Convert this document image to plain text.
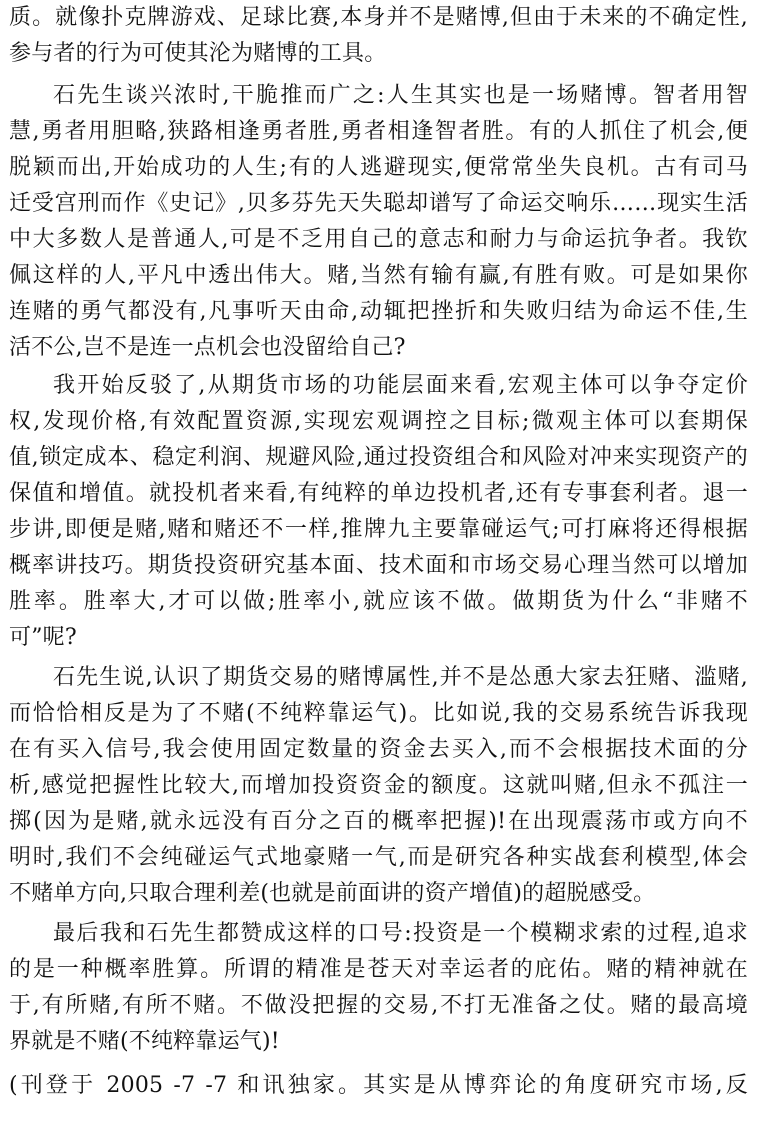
质。就像扑克牌游戏、足球比赛,本身并不是赌博,但由于未来的不确定性,
参与者的行为可使其沦为赌博的工具。
石先生谈兴浓时,干脆推而广之:人生其实也是一场赌博。智者用智
慧,勇者用胆略,狭路相逢勇者胜,勇者相逢智者胜。有的人抓住了机会,便
脱颖而出,开始成功的人生;有的人逃避现实,便常常坐失良机。古有司马
迁受宫刑而作《史记》,贝多芬先天失聪却谱写了命运交响乐……现实生活
中大多数人是普通人,可是不乏用自己的意志和耐力与命运抗争者。我钦
佩这样的人,平凡中透出伟大。赌,当然有输有赢,有胜有败。可是如果你
连赌的勇气都没有,凡事听天由命,动辄把挫折和失败归结为命运不佳,生
活不公,岂不是连一点机会也没留给自己?
我开始反驳了,从期货市场的功能层面来看,宏观主体可以争夺定价
权,发现价格,有效配置资源,实现宏观调控之目标;微观主体可以套期保
值,锁定成本、稳定利润、规避风险,通过投资组合和风险对冲来实现资产的
保值和增值。就投机者来看,有纯粹的单边投机者,还有专事套利者。退一
步讲,即便是赌,赌和赌还不一样,推牌九主要靠碰运气;可打麻将还得根据
概率讲技巧。期货投资研究基本面、技术面和市场交易心理当然可以增加
胜率。胜率大,才可以做;胜率小,就应该不做。做期货为什么“非赌不
可”呢?
石先生说,认识了期货交易的赌博属性,并不是怂恿大家去狂赌、滥赌,
而恰恰相反是为了不赌(不纯粹靠运气)。比如说,我的交易系统告诉我现
在有买入信号,我会使用固定数量的资金去买入,而不会根据技术面的分
析,感觉把握性比较大,而增加投资资金的额度。这就叫赌,但永不孤注一
掷(因为是赌,就永远没有百分之百的概率把握)!在出现震荡市或方向不
明时,我们不会纯碰运气式地豪赌一气,而是研究各种实战套利模型,体会
不赌单方向,只取合理利差(也就是前面讲的资产增值)的超脱感受。
最后我和石先生都赞成这样的口号:投资是一个模糊求索的过程,追求
的是一种概率胜算。所谓的精准是苍天对幸运者的庇佑。赌的精神就在
于,有所赌,有所不赌。不做没把握的交易,不打无准备之仗。赌的最高境
界就是不赌(不纯粹靠运气)!
(刊登于 2005 -7 -7 和讯独家。其实是从博弈论的角度研究市场,反
